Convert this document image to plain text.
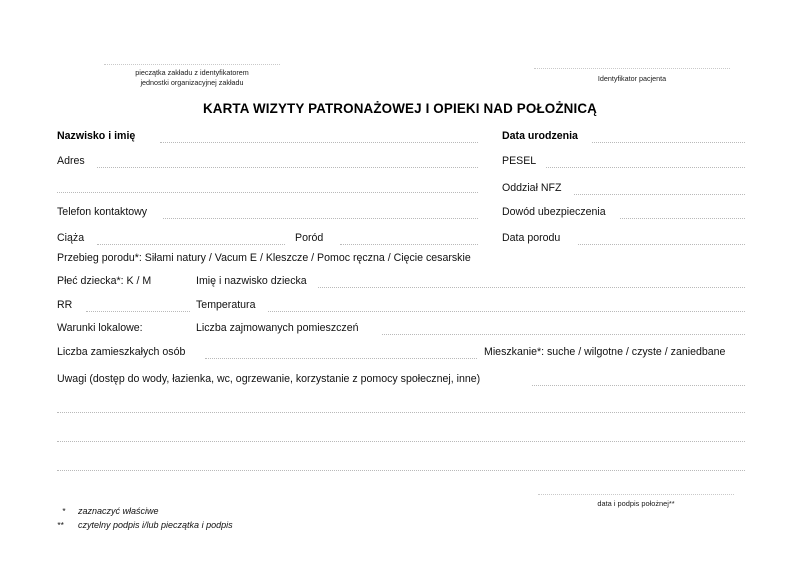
pieczątka zakładu z identyfikatorem
jednostki organizacyjnej zakładu	Identyfikator pacjenta
KARTA WIZYTY PATRONAŻOWEJ I OPIEKI NAD POŁOŻNICĄ
Nazwisko i imię	Data urodzenia
Adres	PESEL
Oddział NFZ
Telefon kontaktowy	Dowód ubezpieczenia
Ciąża	Poród	Data porodu
Przebieg porodu*: Siłami natury / Vacum E / Kleszcze / Pomoc ręczna / Cięcie cesarskie
Płeć dziecka*: K / M	Imię i nazwisko dziecka
RR	Temperatura
Warunki lokalowe:	Liczba zajmowanych pomieszczeń
Liczba zamieszkałych osób	Mieszkanie*: suche / wilgotne / czyste / zaniedbane
Uwagi (dostęp do wody, łazienka, wc, ogrzewanie, korzystanie z pomocy społecznej, inne)
data i podpis położnej**
* zaznaczyć właściwe
** czytelny podpis i/lub pieczątka i podpis
